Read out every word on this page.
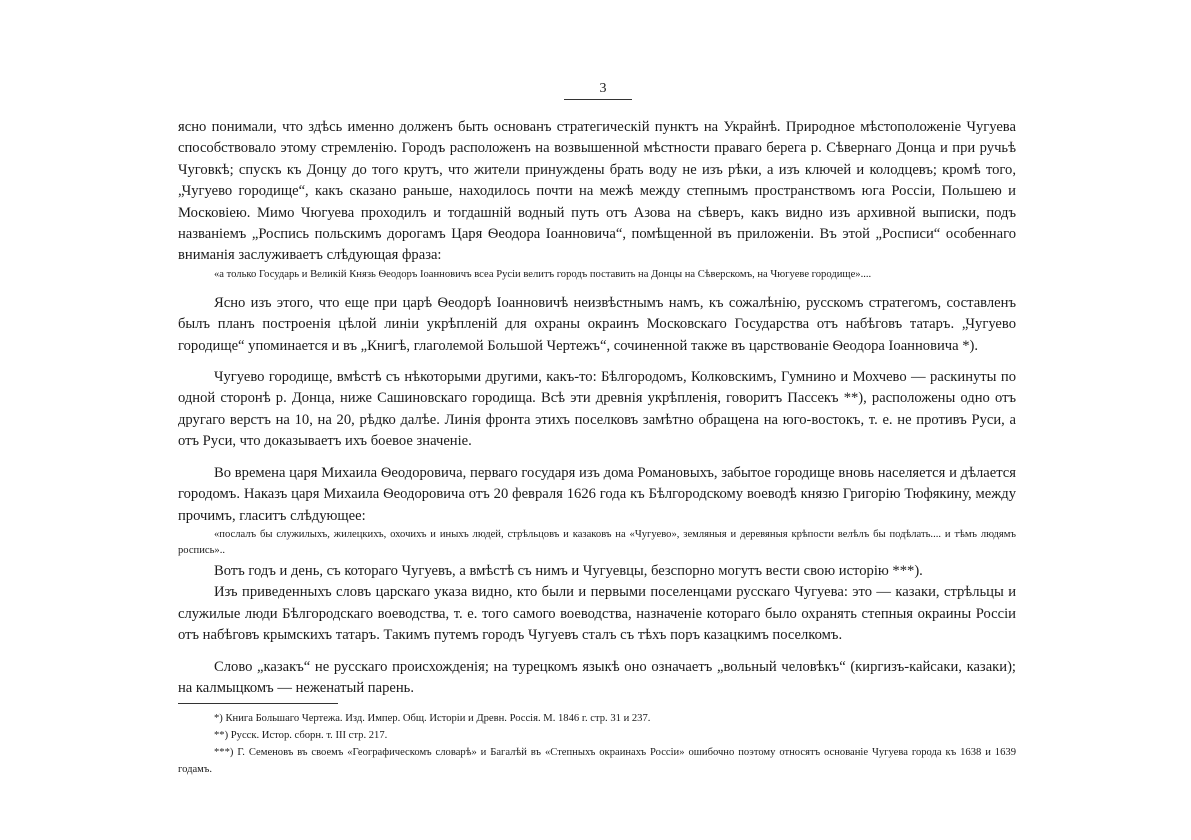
3

ясно понимали, что здѣсь именно долженъ быть основанъ стратегическій пунктъ на Украйнѣ. Природное мѣстоположеніе Чугуева способствовало этому стремленію. Городъ расположенъ на возвышенной мѣстности праваго берега р. Сѣвернаго Донца и при ручьѣ Чуговкѣ; спускъ къ Донцу до того крутъ, что жители принуждены брать воду не изъ рѣки, а изъ ключей и колодцевъ; кромѣ того, „Чугуево городище“, какъ сказано раньше, находилось почти на межѣ между степнымъ пространствомъ юга Россіи, Польшею и Московіею. Мимо Чюгуева проходилъ и тогдашній водный путь отъ Азова на сѣверъ, какъ видно изъ архивной выписки, подъ названіемъ „Роспись польскимъ дорогамъ Царя Ѳеодора Іоанновича“, помѣщенной въ приложеніи. Въ этой „Росписи“ особеннаго вниманія заслуживаетъ слѣдующая фраза:

«а только Государь и Великій Князь Ѳеодоръ Іоанновичъ всеа Русіи велитъ городъ поставить на Донцы на Сѣверскомъ, на Чюгуеве городище»....

Ясно изъ этого, что еще при царѣ Ѳеодорѣ Іоанновичѣ неизвѣстнымъ намъ, къ сожалѣнію, русскомъ стратегомъ, составленъ былъ планъ построенія цѣлой линіи укрѣпленій для охраны окраинъ Московскаго Государства отъ набѣговъ татаръ. „Чугуево городище“ упоминается и въ „Книгѣ, глаголемой Большой Чертежъ“, сочиненной также въ царствованіе Ѳеодора Іоанновича *).

Чугуево городище, вмѣстѣ съ нѣкоторыми другими, какъ-то: Бѣлгородомъ, Колковскимъ, Гумнино и Мохчево — раскинуты по одной сторонѣ р. Донца, ниже Сашиновскаго городища. Всѣ эти древнія укрѣпленія, говоритъ Пассекъ **), расположены одно отъ другаго верстъ на 10, на 20, рѣдко далѣе. Линія фронта этихъ поселковъ замѣтно обращена на юго-востокъ, т. е. не противъ Руси, а отъ Руси, что доказываетъ ихъ боевое значеніе.

Во времена царя Михаила Ѳеодоровича, перваго государя изъ дома Романовыхъ, забытое городище вновь населяется и дѣлается городомъ. Наказъ царя Михаила Ѳеодоровича отъ 20 февраля 1626 года къ Бѣлгородскому воеводѣ князю Григорію Тюфякину, между прочимъ, гласитъ слѣдующее:

«послалъ бы служилыхъ, жилецкихъ, охочихъ и иныхъ людей, стрѣльцовъ и казаковъ на «Чугуево», земляныя и деревяныя крѣпости велѣлъ бы подѣлать.... и тѣмъ людямъ роспись»..

Вотъ годъ и день, съ котораго Чугуевъ, а вмѣстѣ съ нимъ и Чугуевцы, безспорно могутъ вести свою исторію ***).

Изъ приведенныхъ словъ царскаго указа видно, кто были и первыми поселенцами русскаго Чугуева: это — казаки, стрѣльцы и служилые люди Бѣлгородскаго воеводства, т. е. того самого воеводства, назначеніе котораго было охранять степныя окраины Россіи отъ набѣговъ крымскихъ татаръ. Такимъ путемъ городъ Чугуевъ сталъ съ тѣхъ поръ казацкимъ поселкомъ.

Слово „казакъ“ не русскаго происхожденія; на турецкомъ языкѣ оно означаетъ „вольный человѣкъ“ (киргизъ-кайсаки, казаки); на калмыцкомъ — неженатый парень.

*) Книга Большаго Чертежа. Изд. Импер. Общ. Исторіи и Древн. Россія. М. 1846 г. стр. 31 и 237.

**) Русск. Истор. сборн. т. III стр. 217.

***) Г. Семеновъ въ своемъ «Географическомъ словарѣ» и Багалѣй въ «Степныхъ окраинахъ Россіи» ошибочно поэтому относятъ основаніе Чугуева города къ 1638 и 1639 годамъ.
